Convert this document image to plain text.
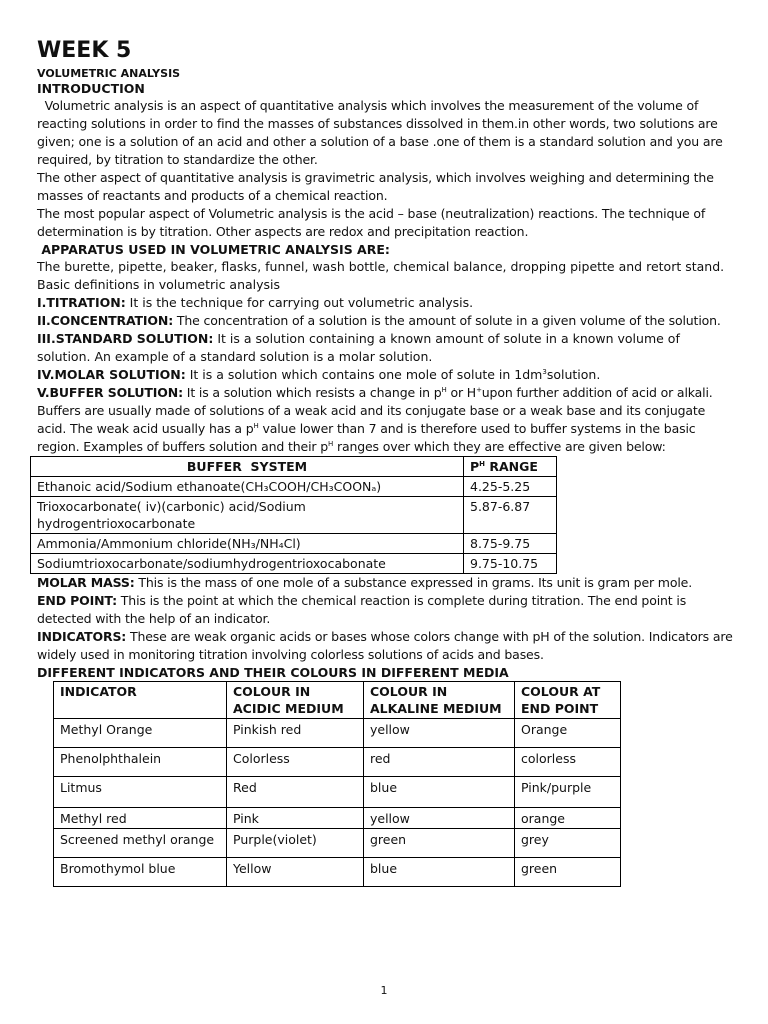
WEEK 5
VOLUMETRIC ANALYSIS
INTRODUCTION

Volumetric analysis is an aspect of quantitative analysis which involves the measurement of the volume of reacting solutions in order to find the masses of substances dissolved in them.in other words, two solutions are given; one is a solution of an acid and other a solution of a base .one of them is a standard solution and you are required, by titration to standardize the other.

The other aspect of quantitative analysis is gravimetric analysis, which involves weighing and determining the masses of reactants and products of a chemical reaction.

The most popular aspect of Volumetric analysis is the acid – base (neutralization) reactions. The technique of determination is by titration. Other aspects are redox and precipitation reaction.

APPARATUS USED IN VOLUMETRIC ANALYSIS ARE:

The burette, pipette, beaker, flasks, funnel, wash bottle, chemical balance, dropping pipette and retort stand.

Basic definitions in volumetric analysis

I.TITRATION: It is the technique for carrying out volumetric analysis.

II.CONCENTRATION: The concentration of a solution is the amount of solute in a given volume of the solution.

III.STANDARD SOLUTION: It is a solution containing a known amount of solute in a known volume of solution. An example of a standard solution is a molar solution.

IV.MOLAR SOLUTION: It is a solution which contains one mole of solute in $1dm^3solution$.

V.BUFFER SOLUTION: It is a solution which resists a change in $p^H$ or H+upon further addition of acid or alkali. Buffers are usually made of solutions of a weak acid and its conjugate base or a weak base and its conjugate acid. The weak acid usually has a $p^H$ value lower than 7 and is therefore used to buffer systems in the basic region. Examples of buffers solution and their $p^H$ ranges over which they are effective are given below:

BUFFER  SYSTEM	$P^H$ RANGE
Ethanoic acid/Sodium ethanoate(CH₃COOH/CH₃COONₐ)	4.25-5.25
Trioxocarbonate( iv)(carbonic) acid/Sodium hydrogentrioxocarbonate	5.87-6.87
Ammonia/Ammonium chloride(NH₃/NH₄Cl)	8.75-9.75
Sodiumtrioxocarbonate/sodiumhydrogentrioxocabonate	9.75-10.75

MOLAR MASS: This is the mass of one mole of a substance expressed in grams. Its unit is gram per mole.

END POINT: This is the point at which the chemical reaction is complete during titration. The end point is detected with the help of an indicator.

INDICATORS: These are weak organic acids or bases whose colors change with pH of the solution. Indicators are widely used in monitoring titration involving colorless solutions of acids and bases.

DIFFERENT INDICATORS AND THEIR COLOURS IN DIFFERENT MEDIA
INDICATOR	COLOUR IN ACIDIC MEDIUM	COLOUR IN ALKALINE MEDIUM	COLOUR AT END POINT
Methyl Orange	Pinkish red	yellow	Orange
Phenolphthalein	Colorless	red	colorless
Litmus	Red	blue	Pink/purple
Methyl red	Pink	yellow	orange
Screened methyl orange	Purple(violet)	green	grey
Bromothymol blue	Yellow	blue	green
1
